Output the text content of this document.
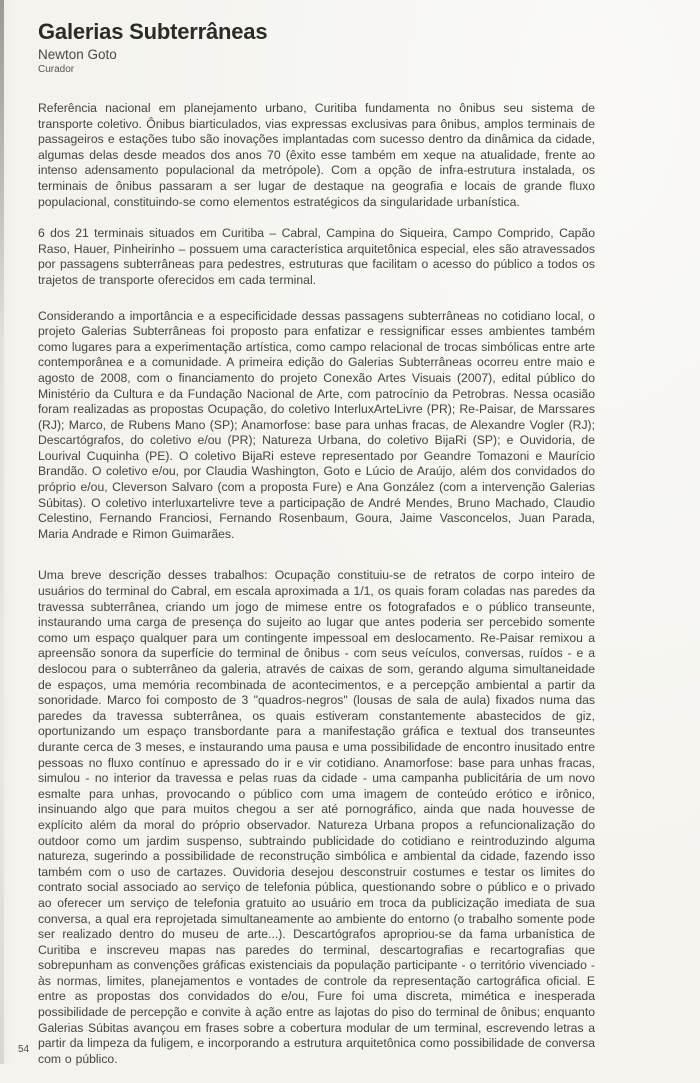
Galerias Subterrâneas
Newton Goto
Curador

Referência nacional em planejamento urbano, Curitiba fundamenta no ônibus seu sistema de transporte coletivo. Ônibus biarticulados, vias expressas exclusivas para ônibus, amplos terminais de passageiros e estações tubo são inovações implantadas com sucesso dentro da dinâmica da cidade, algumas delas desde meados dos anos 70 (êxito esse também em xeque na atualidade, frente ao intenso adensamento populacional da metrópole). Com a opção de infra-estrutura instalada, os terminais de ônibus passaram a ser lugar de destaque na geografia e locais de grande fluxo populacional, constituindo-se como elementos estratégicos da singularidade urbanística.

6 dos 21 terminais situados em Curitiba – Cabral, Campina do Siqueira, Campo Comprido, Capão Raso, Hauer, Pinheirinho – possuem uma característica arquitetônica especial, eles são atravessados por passagens subterrâneas para pedestres, estruturas que facilitam o acesso do público a todos os trajetos de transporte oferecidos em cada terminal.

Considerando a importância e a especificidade dessas passagens subterrâneas no cotidiano local, o projeto Galerias Subterrâneas foi proposto para enfatizar e ressignificar esses ambientes também como lugares para a experimentação artística, como campo relacional de trocas simbólicas entre arte contemporânea e a comunidade. A primeira edição do Galerias Subterrâneas ocorreu entre maio e agosto de 2008, com o financiamento do projeto Conexão Artes Visuais (2007), edital público do Ministério da Cultura e da Fundação Nacional de Arte, com patrocínio da Petrobras. Nessa ocasião foram realizadas as propostas Ocupação, do coletivo InterluxArteLivre (PR); Re-Paisar, de Marssares (RJ); Marco, de Rubens Mano (SP); Anamorfose: base para unhas fracas, de Alexandre Vogler (RJ); Descartógrafos, do coletivo e/ou (PR); Natureza Urbana, do coletivo BijaRi (SP); e Ouvidoria, de Lourival Cuquinha (PE). O coletivo BijaRi esteve representado por Geandre Tomazoni e Maurício Brandão. O coletivo e/ou, por Claudia Washington, Goto e Lúcio de Araújo, além dos convidados do próprio e/ou, Cleverson Salvaro (com a proposta Fure) e Ana González (com a intervenção Galerias Súbitas). O coletivo interluxartelivre teve a participação de André Mendes, Bruno Machado, Claudio Celestino, Fernando Franciosi, Fernando Rosenbaum, Goura, Jaime Vasconcelos, Juan Parada, Maria Andrade e Rimon Guimarães.

Uma breve descrição desses trabalhos: Ocupação constituiu-se de retratos de corpo inteiro de usuários do terminal do Cabral, em escala aproximada a 1/1, os quais foram coladas nas paredes da travessa subterrânea, criando um jogo de mimese entre os fotografados e o público transeunte, instaurando uma carga de presença do sujeito ao lugar que antes poderia ser percebido somente como um espaço qualquer para um contingente impessoal em deslocamento. Re-Paisar remixou a apreensão sonora da superfície do terminal de ônibus - com seus veículos, conversas, ruídos - e a deslocou para o subterrâneo da galeria, através de caixas de som, gerando alguma simultaneidade de espaços, uma memória recombinada de acontecimentos, e a percepção ambiental a partir da sonoridade. Marco foi composto de 3 "quadros-negros" (lousas de sala de aula) fixados numa das paredes da travessa subterrânea, os quais estiveram constantemente abastecidos de giz, oportunizando um espaço transbordante para a manifestação gráfica e textual dos transeuntes durante cerca de 3 meses, e instaurando uma pausa e uma possibilidade de encontro inusitado entre pessoas no fluxo contínuo e apressado do ir e vir cotidiano. Anamorfose: base para unhas fracas, simulou - no interior da travessa e pelas ruas da cidade - uma campanha publicitária de um novo esmalte para unhas, provocando o público com uma imagem de conteúdo erótico e irônico, insinuando algo que para muitos chegou a ser até pornográfico, ainda que nada houvesse de explícito além da moral do próprio observador. Natureza Urbana propos a refuncionalização do outdoor como um jardim suspenso, subtraindo publicidade do cotidiano e reintroduzindo alguma natureza, sugerindo a possibilidade de reconstrução simbólica e ambiental da cidade, fazendo isso também com o uso de cartazes. Ouvidoria desejou desconstruir costumes e testar os limites do contrato social associado ao serviço de telefonia pública, questionando sobre o público e o privado ao oferecer um serviço de telefonia gratuito ao usuário em troca da publicização imediata de sua conversa, a qual era reprojetada simultaneamente ao ambiente do entorno (o trabalho somente pode ser realizado dentro do museu de arte...). Descartógrafos apropriou-se da fama urbanística de Curitiba e inscreveu mapas nas paredes do terminal, descartografias e recartografias que sobrepunham as convenções gráficas existenciais da população participante - o território vivenciado - às normas, limites, planejamentos e vontades de controle da representação cartográfica oficial. E entre as propostas dos convidados do e/ou, Fure foi uma discreta, mimética e inesperada possibilidade de percepção e convite à ação entre as lajotas do piso do terminal de ônibus; enquanto Galerias Súbitas avançou em frases sobre a cobertura modular de um terminal, escrevendo letras a partir da limpeza da fuligem, e incorporando a estrutura arquitetônica como possibilidade de conversa com o público.

54
